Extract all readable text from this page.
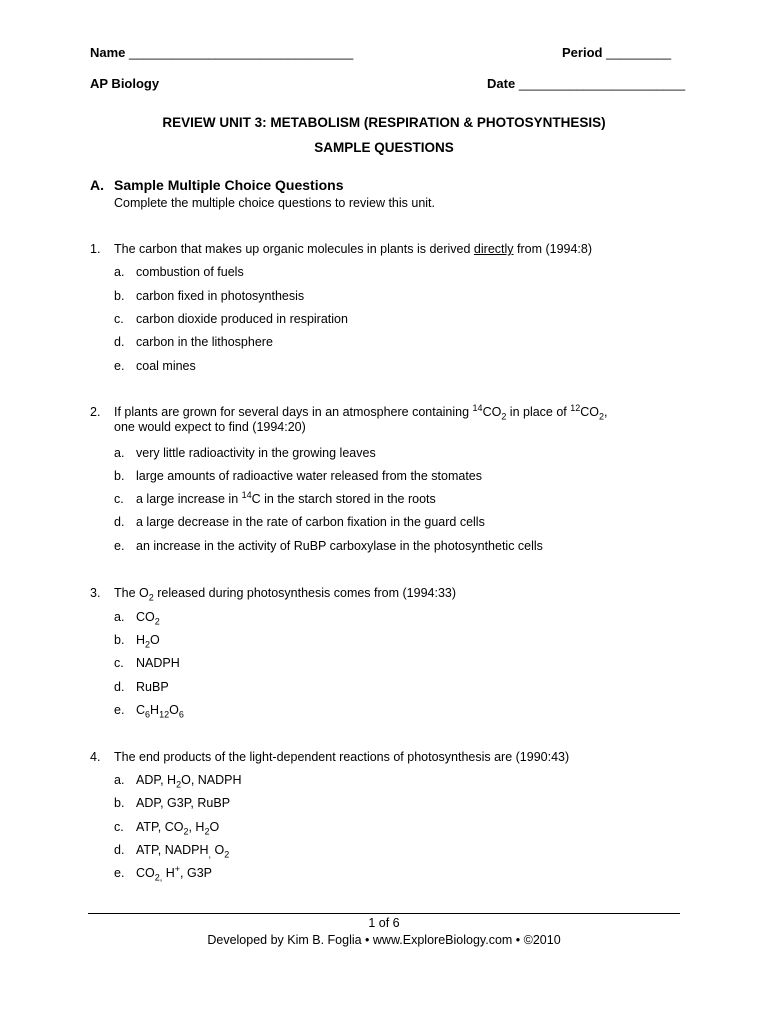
Name _______________________________	Period _________
AP Biology	Date _______________________
REVIEW UNIT 3: METABOLISM (RESPIRATION & PHOTOSYNTHESIS)
SAMPLE QUESTIONS
A. Sample Multiple Choice Questions
Complete the multiple choice questions to review this unit.
1. The carbon that makes up organic molecules in plants is derived directly from (1994:8)
a. combustion of fuels
b. carbon fixed in photosynthesis
c. carbon dioxide produced in respiration
d. carbon in the lithosphere
e. coal mines
2. If plants are grown for several days in an atmosphere containing $^{14}CO_2$ in place of $^{12}CO_2$,
one would expect to find (1994:20)
a. very little radioactivity in the growing leaves
b. large amounts of radioactive water released from the stomates
c. a large increase in $^{14}$C in the starch stored in the roots
d. a large decrease in the rate of carbon fixation in the guard cells
e. an increase in the activity of RuBP carboxylase in the photosynthetic cells
3. The $O_2$ released during photosynthesis comes from (1994:33)
a. $CO_2$
b. $H_2O$
c. NADPH
d. RuBP
e. $C_6H_{12}O_6$
4. The end products of the light-dependent reactions of photosynthesis are (1990:43)
a. ADP, $H_2O$, NADPH
b. ADP, G3P, RuBP
c. ATP, $CO_2$, $H_2O$
d. ATP, $NADPH_,$ $O_2$
e. $CO_{2,}$ H+, G3P
1 of 6
Developed by Kim B. Foglia • www.ExploreBiology.com • ©2010
